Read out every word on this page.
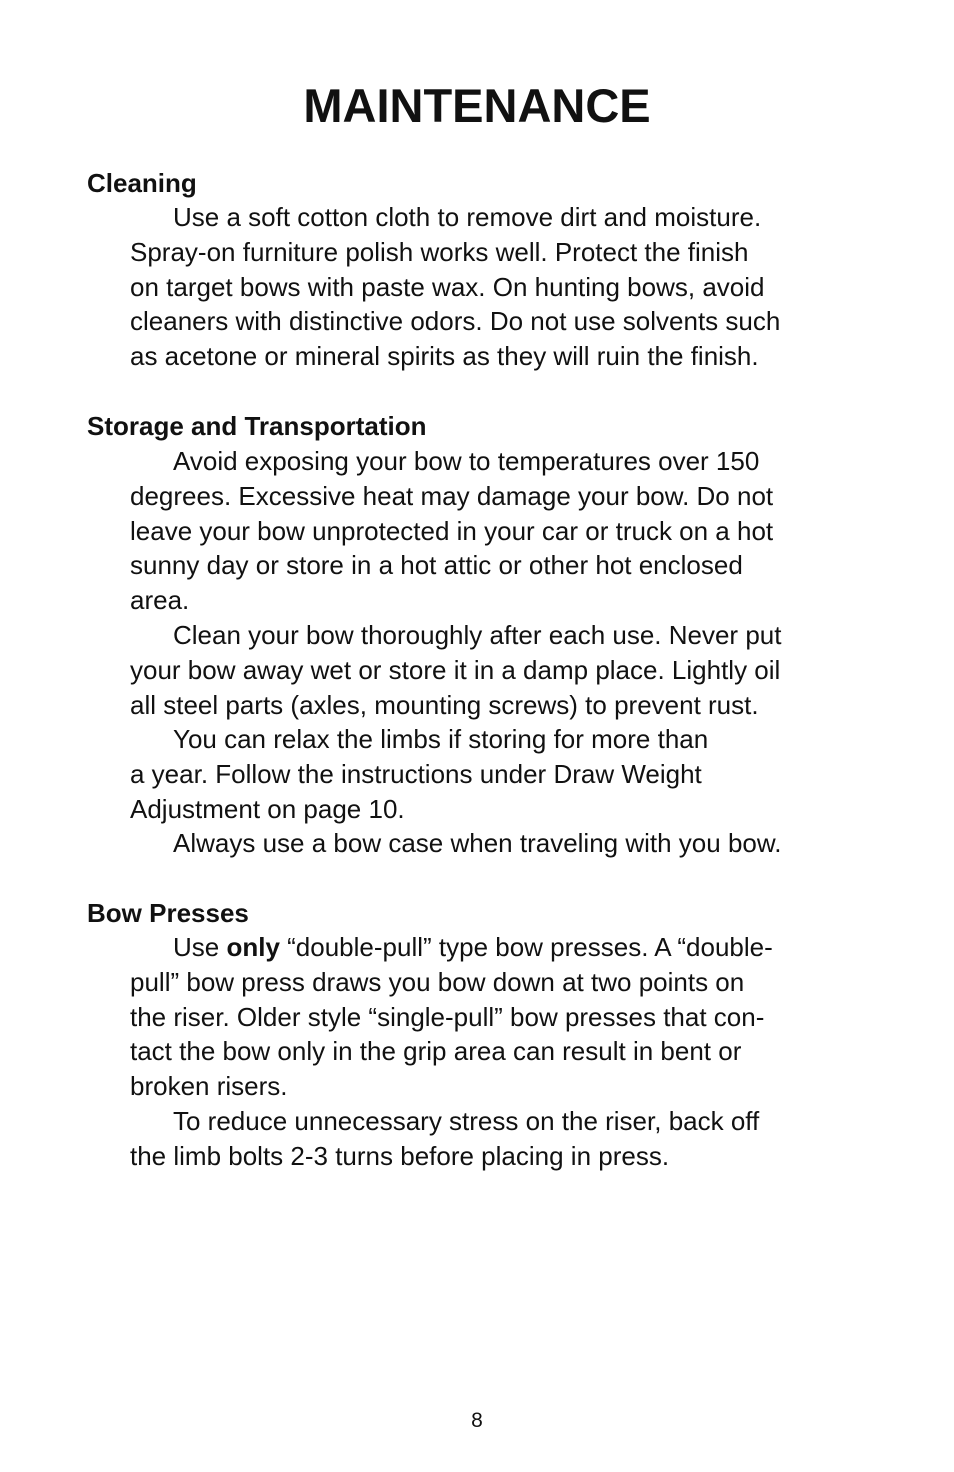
MAINTENANCE
Cleaning

Use a soft cotton cloth to remove dirt and moisture.
Spray-on furniture polish works well. Protect the finish
on target bows with paste wax. On hunting bows, avoid
cleaners with distinctive odors. Do not use solvents such
as acetone or mineral spirits as they will ruin the finish.

Storage and Transportation

Avoid exposing your bow to temperatures over 150
degrees. Excessive heat may damage your bow. Do not
leave your bow unprotected in your car or truck on a hot
sunny day or store in a hot attic or other hot enclosed
area.

Clean your bow thoroughly after each use. Never put
your bow away wet or store it in a damp place. Lightly oil
all steel parts (axles, mounting screws) to prevent rust.

You can relax the limbs if storing for more than
a year. Follow the instructions under Draw Weight
Adjustment on page 10.

Always use a bow case when traveling with you bow.

Bow Presses

Use only “double-pull” type bow presses. A “double-
pull” bow press draws you bow down at two points on
the riser. Older style “single-pull” bow presses that con-
tact the bow only in the grip area can result in bent or
broken risers.

To reduce unnecessary stress on the riser, back off
the limb bolts 2-3 turns before placing in press.

8
